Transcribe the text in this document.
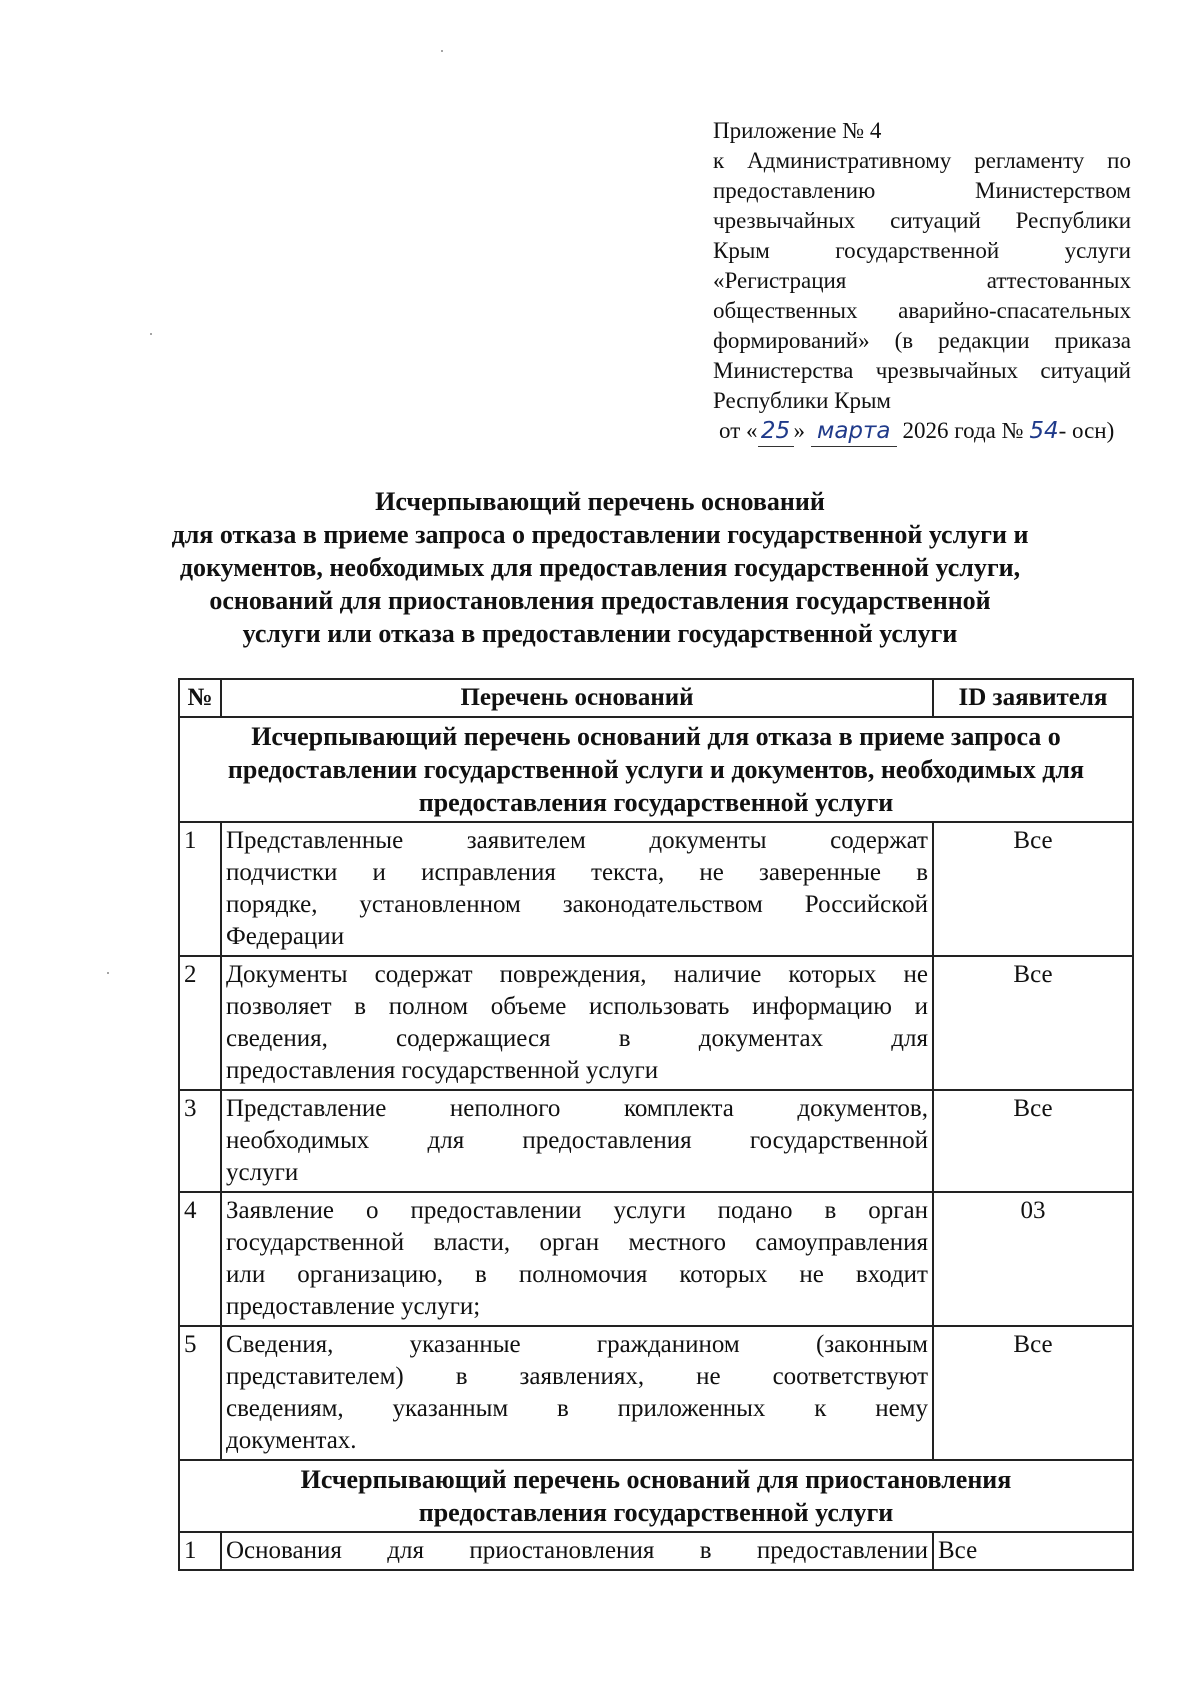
Приложение № 4
к Административному регламенту по
предоставлению Министерством
чрезвычайных ситуаций Республики
Крым государственной услуги
«Регистрация аттестованных
общественных аварийно-спасательных
формирований» (в редакции приказа
Министерства чрезвычайных ситуаций
Республики Крым
от « 25 » марта 2026 года № 54- осн)
Исчерпывающий перечень оснований
для отказа в приеме запроса о предоставлении государственной услуги и
документов, необходимых для предоставления государственной услуги,
оснований для приостановления предоставления государственной
услуги или отказа в предоставлении государственной услуги
№	Перечень оснований	ID заявителя

Исчерпывающий перечень оснований для отказа в приеме запроса о
предоставлении государственной услуги и документов, необходимых для
предоставления государственной услуги		

1	Представленные заявителем документы содержат
подчистки и исправления текста, не заверенные в
порядке, установленном законодательством Российской
Федерации	Все
2	Документы содержат повреждения, наличие которых не
позволяет в полном объеме использовать информацию и
сведения, содержащиеся в документах для
предоставления государственной услуги	Все
3	Представление неполного комплекта документов,
необходимых для предоставления государственной
услуги	Все
4	Заявление о предоставлении услуги подано в орган
государственной власти, орган местного самоуправления
или организацию, в полномочия которых не входит
предоставление услуги;	03
5	Сведения, указанные гражданином (законным
представителем) в заявлениях, не соответствуют
сведениям, указанным в приложенных к нему
документах.	Все

Исчерпывающий перечень оснований для приостановления
предоставления государственной услуги		

1	Основания для приостановления в предоставлении	Все
